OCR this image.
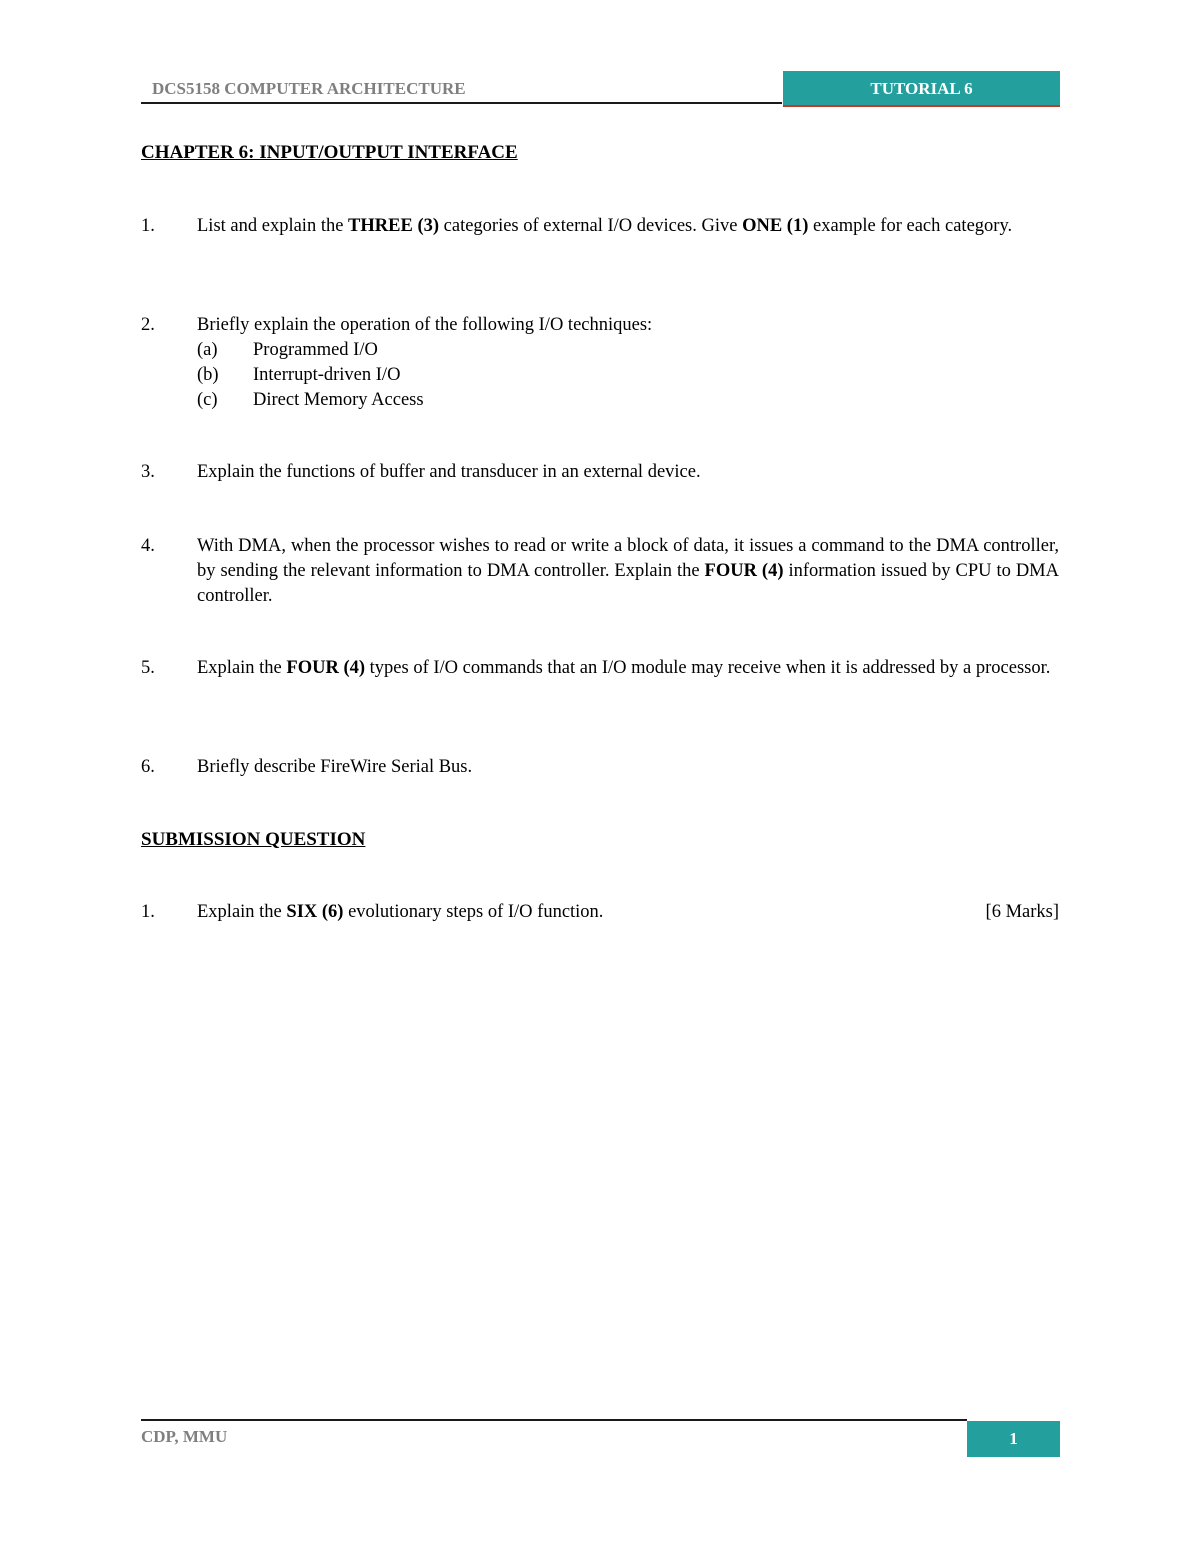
DCS5158 COMPUTER ARCHITECTURE	TUTORIAL 6
CHAPTER 6: INPUT/OUTPUT INTERFACE
1. List and explain the THREE (3) categories of external I/O devices. Give ONE (1) example for each category.
2. Briefly explain the operation of the following I/O techniques:
(a) Programmed I/O
(b) Interrupt-driven I/O
(c) Direct Memory Access
3. Explain the functions of buffer and transducer in an external device.
4. With DMA, when the processor wishes to read or write a block of data, it issues a command to the DMA controller, by sending the relevant information to DMA controller. Explain the FOUR (4) information issued by CPU to DMA controller.
5. Explain the FOUR (4) types of I/O commands that an I/O module may receive when it is addressed by a processor.
6. Briefly describe FireWire Serial Bus.
SUBMISSION QUESTION
1. Explain the SIX (6) evolutionary steps of I/O function.	[6 Marks]
CDP, MMU	1
